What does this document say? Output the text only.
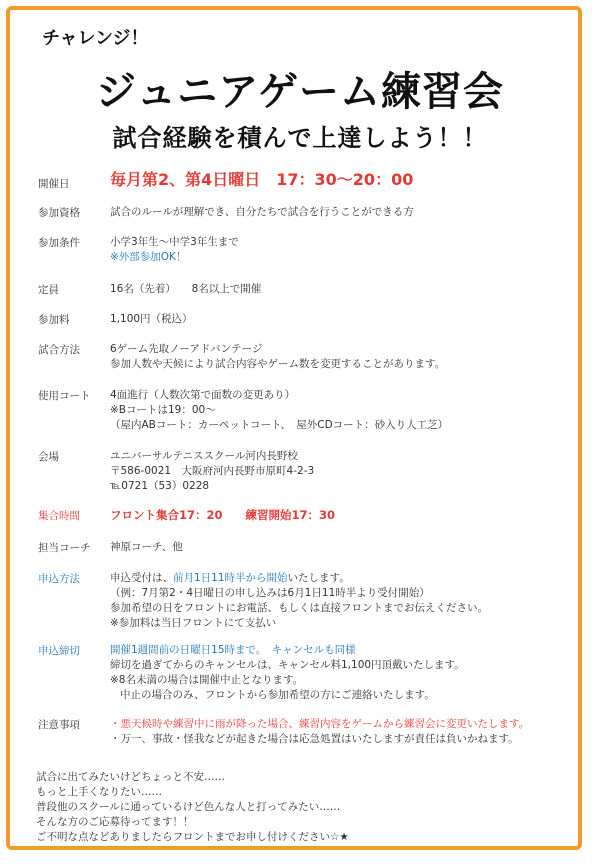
チャレンジ！
ジュニアゲーム練習会
試合経験を積んで上達しよう！！
開催日	毎月第2、第4日曜日　17：30〜20：00
参加資格	試合のルールが理解でき、自分たちで試合を行うことができる方
参加条件	小学3年生〜中学3年生まで
※外部参加OK！
定員	16名（先着）　　8名以上で開催
参加料	1,100円（税込）
試合方法	6ゲーム先取ノーアドバンテージ
参加人数や天候により試合内容やゲーム数を変更することがあります。
使用コート 4面進行（人数次第で面数の変更あり）
※Bコートは19：00〜
（屋内ABコート：カーペットコート、　屋外CDコート：砂入り人工芝）
会場	ユニバーサルテニススクール河内長野校
〒586-0021　大阪府河内長野市原町4-2-3
℡0721（53）0228
集合時間	フロント集合17：20　　練習開始17：30
担当コーチ 神原コーチ、他
申込方法	申込受付は、前月1日11時半から開始いたします。
（例：7月第2・4日曜日の申し込みは6月1日11時半より受付開始）
参加希望の日をフロントにお電話、もしくは直接フロントまでお伝えください。
※参加料は当日フロントにて支払い
申込締切	開催1週間前の日曜日15時まで。　キャンセルも同様
締切を過ぎてからのキャンセルは、キャンセル料1,100円頂戴いたします。
※8名未満の場合は開催中止となります。
中止の場合のみ、フロントから参加希望の方にご連絡いたします。
注意事項	・悪天候時や練習中に雨が降った場合、練習内容をゲームから練習会に変更いたします。
・万一、事故・怪我などが起きた場合は応急処置はいたしますが責任は負いかねます。
試合に出てみたいけどちょっと不安……
もっと上手くなりたい……
普段他のスクールに通っているけど色んな人と打ってみたい……
そんな方のご応募待ってます！！
ご不明な点などありましたらフロントまでお申し付けください☆★
